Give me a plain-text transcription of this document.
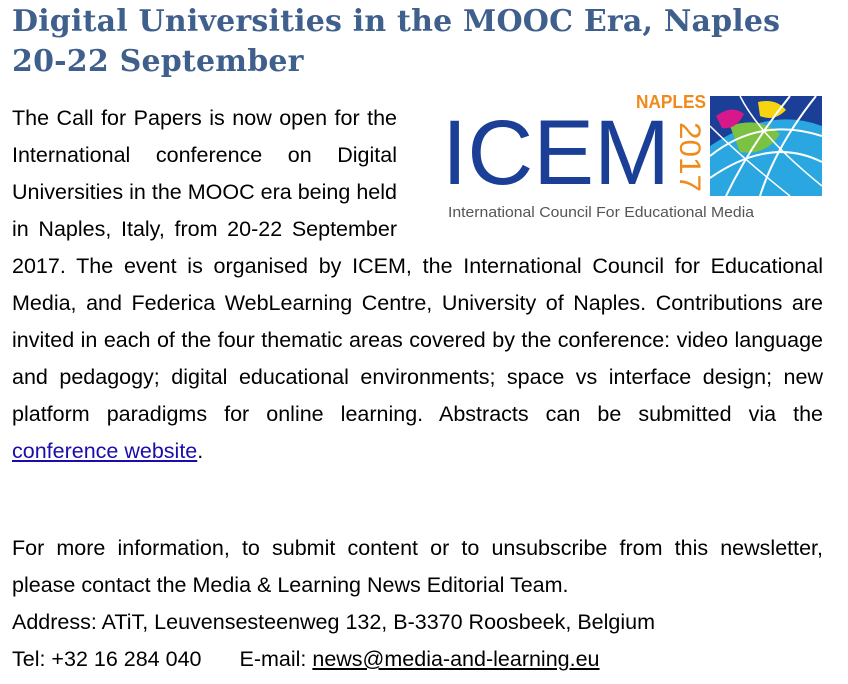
Digital Universities in the MOOC Era, Naples 20-22 September
ICEM
NAPLES
2017
International Council For Educational Media

The Call for Papers is now open for the International conference on Digital Universities in the MOOC era being held in Naples, Italy, from 20-22 September 2017. The event is organised by ICEM, the International Council for Educational Media, and Federica WebLearning Centre, University of Naples. Contributions are invited in each of the four thematic areas covered by the conference: video language and pedagogy; digital educational environments; space vs interface design; new platform paradigms for online learning. Abstracts can be submitted via the conference website.

For more information, to submit content or to unsubscribe from this newsletter, please contact the Media & Learning News Editorial Team.

Address: ATiT, Leuvensesteenweg 132, B-3370 Roosbeek, Belgium
Tel: +32 16 284 040 E-mail: news@media-and-learning.eu
